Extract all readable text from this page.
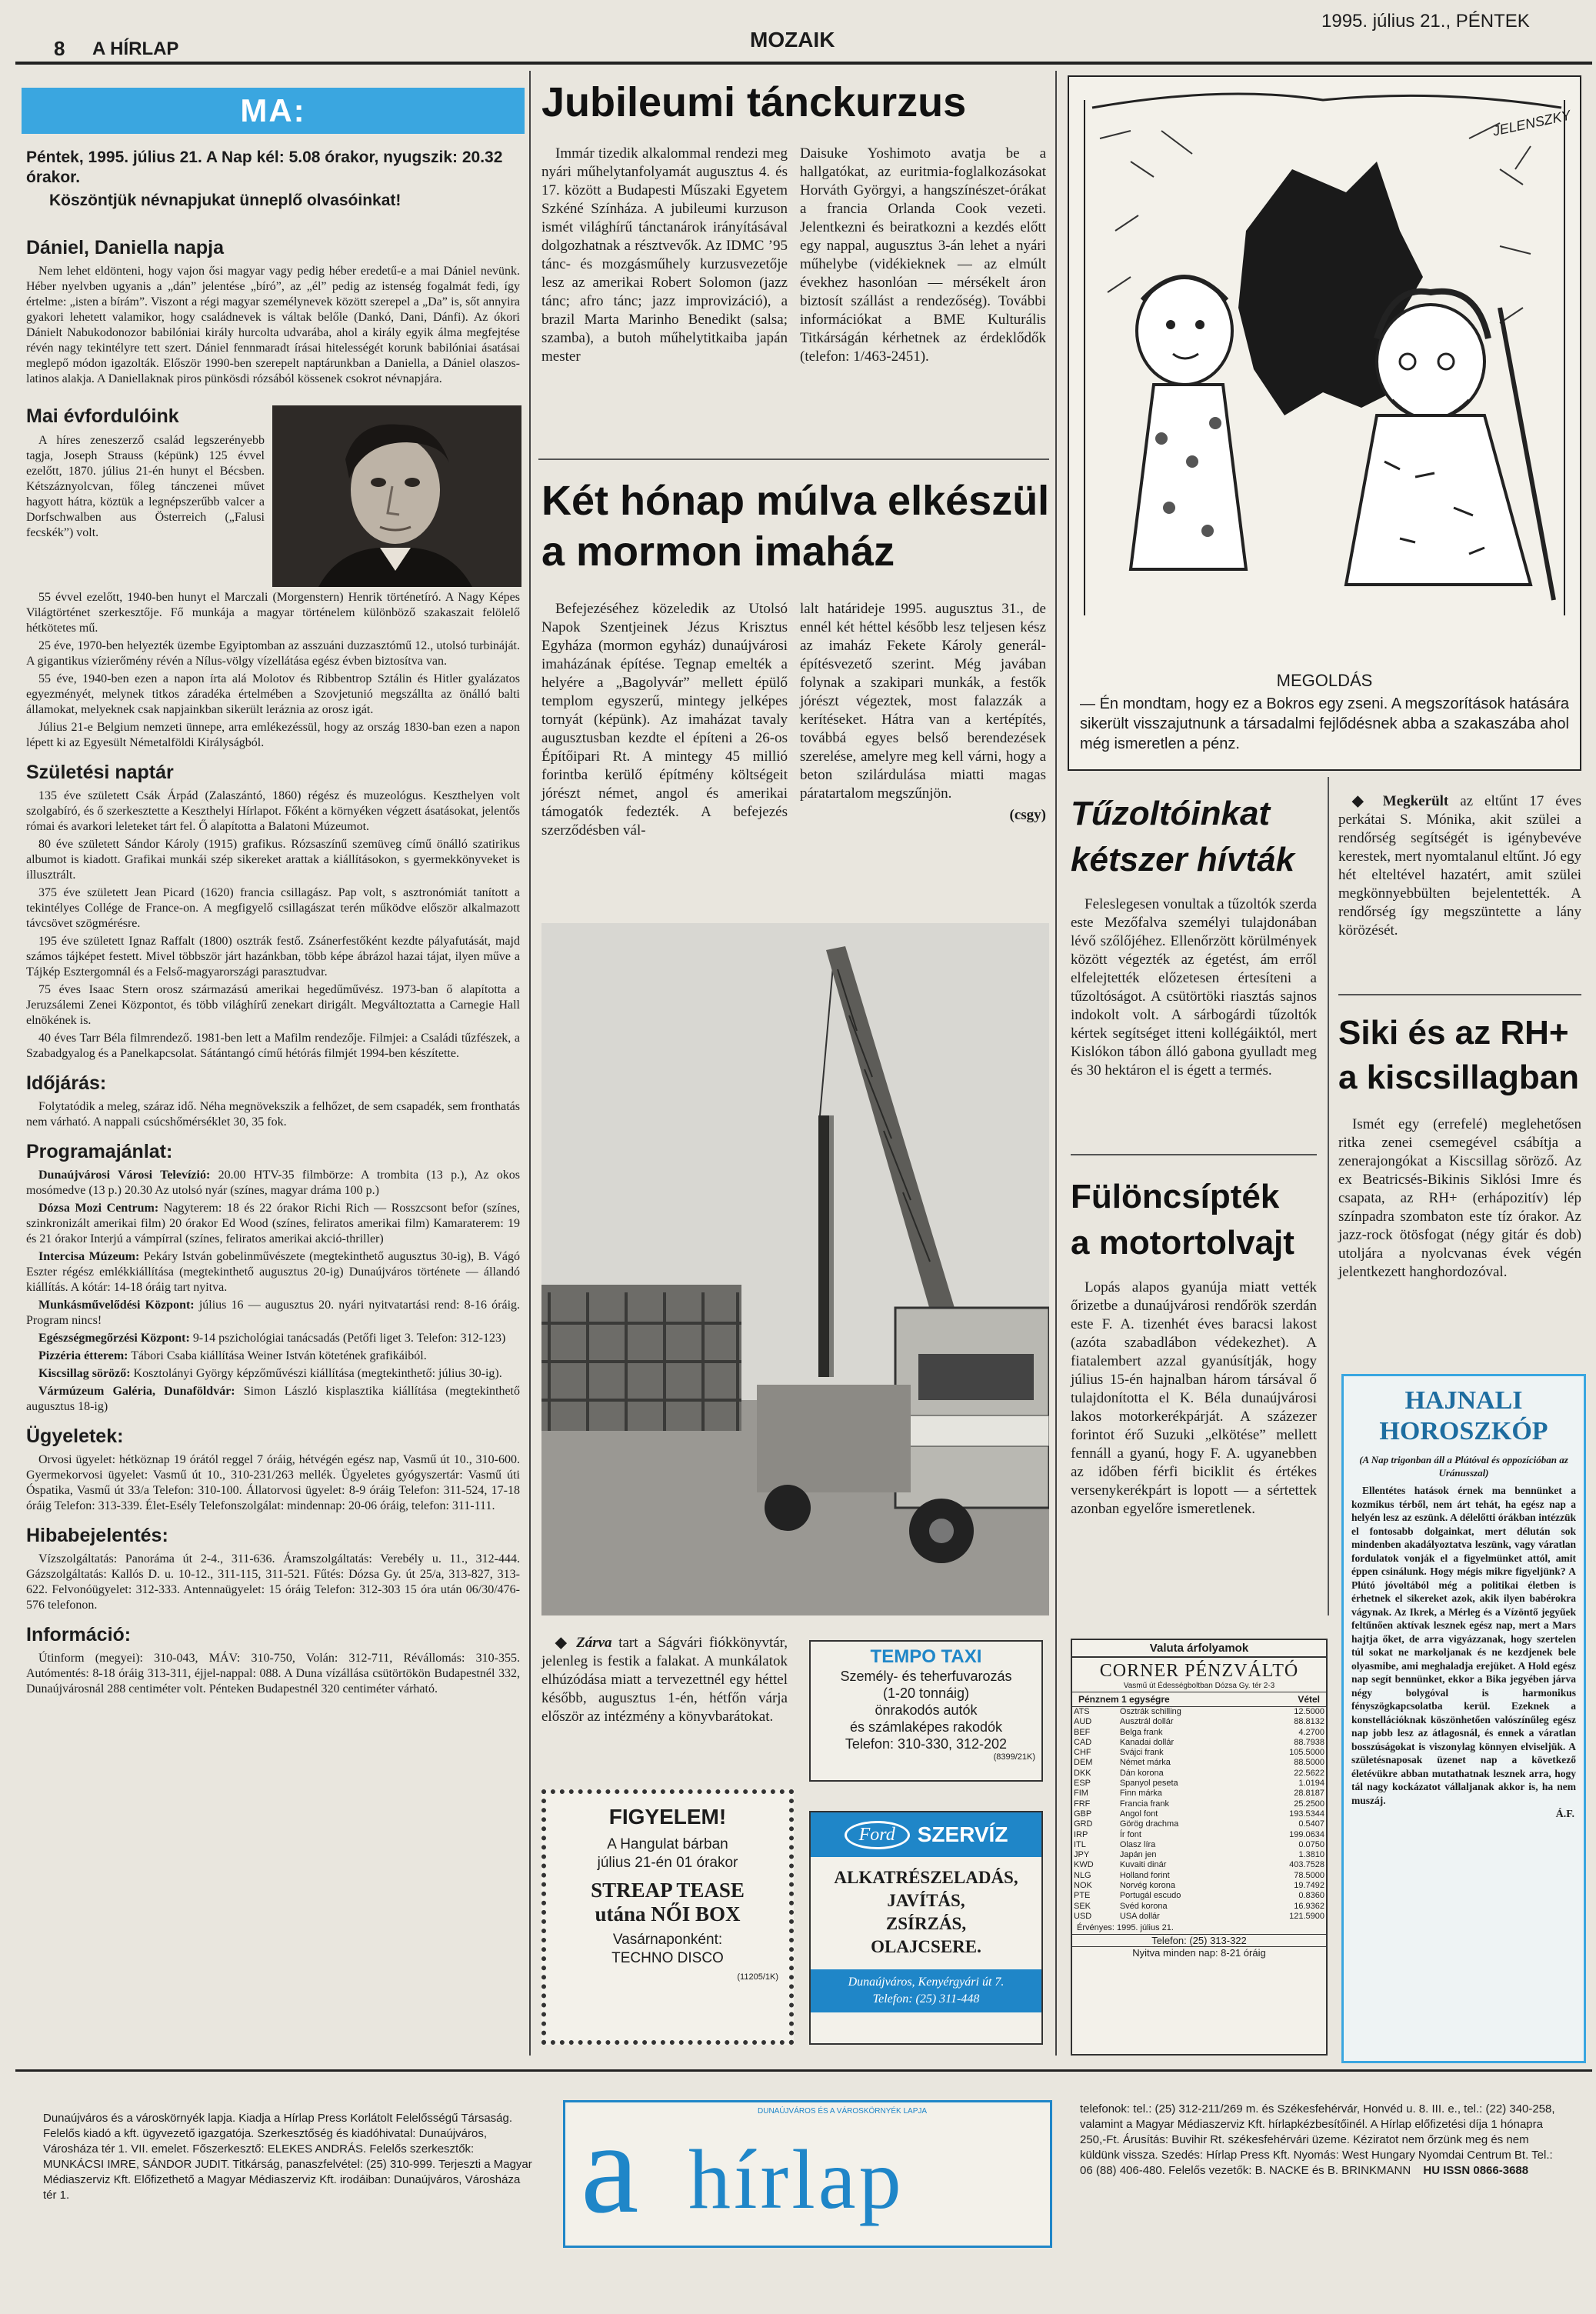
8 A HÍRLAP	MOZAIK
1995. július 21., PÉNTEK
MA:
Péntek, 1995. július 21. A Nap kél: 5.08 órakor, nyugszik: 20.32 órakor.
Köszöntjük névnapjukat ünneplő olvasóinkat!
Dániel, Daniella napja

Nem lehet eldönteni, hogy vajon ősi magyar vagy pedig héber eredetű-e a mai Dániel nevünk. Héber nyelvben ugyanis a „dán” jelentése „bíró”, az „él” pedig az istenség fogalmát fedi, így értelme: „isten a bírám”. Viszont a régi magyar személynevek között szerepel a „Da” is, sőt annyira gyakori lehetett valamikor, hogy családnevek is váltak belőle (Dankó, Dani, Dánfi). Az ókori Dánielt Nabukodonozor babilóniai király hurcolta udvarába, ahol a király egyik álma megfejtése révén nagy tekintélyre tett szert. Dániel fennmaradt írásai hitelességét korunk babilóniai ásatásai meglepő módon igazolták. Először 1990-ben szerepelt naptárunkban a Daniella, a Dániel olaszos-latinos alakja. A Daniellaknak piros pünkösdi rózsából kössenek csokrot névnapjára.

Mai évfordulóink

A híres zeneszerző család legszerényebb tagja, Joseph Strauss (képünk) 125 évvel ezelőtt, 1870. július 21-én hunyt el Bécsben. Kétszáznyolcvan, főleg tánczenei művet hagyott hátra, köztük a legnépszerűbb valcer a Dorfschwalben aus Österreich („Falusi fecskék”) volt.

55 évvel ezelőtt, 1940-ben hunyt el Marczali (Morgenstern) Henrik történetíró. A Nagy Képes Világtörténet szerkesztője. Fő munkája a magyar történelem különböző szakaszait felölelő hétkötetes mű.

25 éve, 1970-ben helyezték üzembe Egyiptomban az asszuáni duzzasztómű 12., utolsó turbináját. A gigantikus vízierőmény révén a Nílus-völgy vízellátása egész évben biztosítva van.

55 éve, 1940-ben ezen a napon írta alá Molotov és Ribbentrop Sztálin és Hitler gyalázatos egyezményét, melynek titkos záradéka értelmében a Szovjetunió megszállta az önálló balti államokat, melyeknek csak napjainkban sikerült leráznia az orosz igát.

Július 21-e Belgium nemzeti ünnepe, arra emlékezéssül, hogy az ország 1830-ban ezen a napon lépett ki az Egyesült Németalföldi Királyságból.

Születési naptár

135 éve született Csák Árpád (Zalaszántó, 1860) régész és muzeológus. Keszthelyen volt szolgabíró, és ő szerkesztette a Keszthelyi Hírlapot. Főként a környéken végzett ásatásokat, jelentős római és avarkori leleteket tárt fel. Ő alapította a Balatoni Múzeumot.

80 éve született Sándor Károly (1915) grafikus. Rózsaszínű szemüveg című önálló szatirikus albumot is kiadott. Grafikai munkái szép sikereket arattak a kiállításokon, s gyermekkönyveket is illusztrált.

375 éve született Jean Picard (1620) francia csillagász. Pap volt, s asztronómiát tanított a tekintélyes Collége de France-on. A megfigyelő csillagászat terén működve először alkalmazott távcsövet szögmérésre.

195 éve született Ignaz Raffalt (1800) osztrák festő. Zsánerfestőként kezdte pályafutását, majd számos tájképet festett. Mivel többször járt hazánkban, több képe ábrázol hazai tájat, ilyen műve a Tájkép Esztergomnál és a Felső-magyarországi parasztudvar.

75 éves Isaac Stern orosz származású amerikai hegedűművész. 1973-ban ő alapította a Jeruzsálemi Zenei Központot, és több világhírű zenekart dirigált. Megváltoztatta a Carnegie Hall elnökének is.

40 éves Tarr Béla filmrendező. 1981-ben lett a Mafilm rendezője. Filmjei: a Családi tűzfészek, a Szabadgyalog és a Panelkapcsolat. Sátántangó című hétórás filmjét 1994-ben készítette.

Időjárás:

Folytatódik a meleg, száraz idő. Néha megnövekszik a felhőzet, de sem csapadék, sem fronthatás nem várható. A nappali csúcshőmérséklet 30, 35 fok.

Programajánlat:

Dunaújvárosi Városi Televízió: 20.00 HTV-35 filmbörze: A trombita (13 p.), Az okos mosómedve (13 p.) 20.30 Az utolsó nyár (színes, magyar dráma 100 p.)

Dózsa Mozi Centrum: Nagyterem: 18 és 22 órakor Richi Rich — Rosszcsont befor (színes, szinkronizált amerikai film) 20 órakor Ed Wood (színes, feliratos amerikai film) Kamaraterem: 19 és 21 órakor Interjú a vámpírral (színes, feliratos amerikai akció-thriller)

Intercisa Múzeum: Pekáry István gobelinművészete (megtekinthető augusztus 30-ig), B. Vágó Eszter régész emlékkiállítása (megtekinthető augusztus 20-ig) Dunaújváros története — állandó kiállítás. A kótár: 14-18 óráig tart nyitva.

Munkásművelődési Központ: július 16 — augusztus 20. nyári nyitvatartási rend: 8-16 óráig. Program nincs!

Egészségmegőrzési Központ: 9-14 pszichológiai tanácsadás (Petőfi liget 3. Telefon: 312-123)

Pizzéria étterem: Tábori Csaba kiállítása Weiner István kötetének grafikáiból.

Kiscsillag söröző: Kosztolányi György képzőművészi kiállítása (megtekinthető: július 30-ig).

Vármúzeum Galéria, Dunaföldvár: Simon László kisplasztika kiállítása (megtekinthető augusztus 18-ig)

Ügyeletek:

Orvosi ügyelet: hétköznap 19 órától reggel 7 óráig, hétvégén egész nap, Vasmű út 10., 310-600. Gyermekorvosi ügyelet: Vasmű út 10., 310-231/263 mellék. Ügyeletes gyógyszertár: Vasmű úti Óspatika, Vasmű út 33/a Telefon: 310-100. Állatorvosi ügyelet: 8-9 óráig Telefon: 311-524, 17-18 óráig Telefon: 313-339. Élet-Esély Telefonszolgálat: mindennap: 20-06 óráig, telefon: 311-111.

Hibabejelentés:

Vízszolgáltatás: Panoráma út 2-4., 311-636. Áramszolgáltatás: Verebély u. 11., 312-444. Gázszolgáltatás: Kallós D. u. 10-12., 311-115, 311-521. Fűtés: Dózsa Gy. út 25/a, 313-827, 313-622. Felvonóügyelet: 312-333. Antennaügyelet: 15 óráig Telefon: 312-303 15 óra után 06/30/476-576 telefonon.

Információ:

Útinform (megyei): 310-043, MÁV: 310-750, Volán: 312-711, Révállomás: 310-355. Autómentés: 8-18 óráig 313-311, éjjel-nappal: 088. A Duna vízállása csütörtökön Budapestnél 332, Dunaújvárosnál 288 centiméter volt. Pénteken Budapestnél 320 centiméter várható.

Jubileumi tánckurzus

Immár tizedik alkalommal rendezi meg nyári műhelytanfolyamát augusztus 4. és 17. között a Budapesti Műszaki Egyetem Szkéné Színháza. A jubileumi kurzuson ismét világhírű tánctanárok irányításával dolgozhatnak a résztvevők. Az IDMC ’95 tánc- és mozgásműhely kurzusvezetője lesz az amerikai Robert Solomon (jazz tánc; afro tánc; jazz improvizáció), a brazil Marta Marinho Benedikt (salsa; szamba), a butoh műhelytitkaiba japán mester

Daisuke Yoshimoto avatja be a hallgatókat, az euritmia-foglalkozásokat Horváth Györgyi, a hangszínészet-órákat a francia Orlanda Cook vezeti. Jelentkezni és beiratkozni a kezdés előtt egy nappal, augusztus 3-án lehet a nyári műhelybe (vidékieknek — az elmúlt évekhez hasonlóan — mérsékelt áron biztosít szállást a rendezőség). További információkat a BME Kulturális Titkárságán kérhetnek az érdeklődők (telefon: 1/463-2451).

Két hónap múlva elkészül
a mormon imaház

Befejezéséhez közeledik az Utolsó Napok Szentjeinek Jézus Krisztus Egyháza (mormon egyház) dunaújvárosi imaházának építése. Tegnap emelték a helyére a „Bagolyvár” mellett épülő templom egyszerű, mintegy jelképes tornyát (képünk). Az imaházat tavaly augusztusban kezdte el építeni a 26-os Építőipari Rt. A mintegy 45 millió forintba kerülő építmény költségeit jórészt német, angol és amerikai támogatók fedezték. A befejezés szerződésben vál-

lalt határideje 1995. augusztus 31., de ennél két héttel később lesz teljesen kész az imaház Fekete Károly generál-építésvezető szerint. Még javában folynak a szakipari munkák, a festők jórészt végeztek, most falazzák a kerítéseket. Hátra van a kertépítés, továbbá egyes belső berendezések szerelése, amelyre meg kell várni, hogy a beton szilárdulása miatti magas páratartalom megszűnjön.

(csgy)

◆ Zárva tart a Ságvári fiókkönyvtár, jelenleg is festik a falakat. A munkálatok elhúzódása miatt a tervezettnél egy héttel később, augusztus 1-én, hétfőn várja először az intézmény a könyvbarátokat.

TEMPO TAXI
Személy- és teherfuvarozás
(1-20 tonnáig)
önrakodós autók
és számlaképes rakodók
Telefon: 310-330, 312-202
(8399/21K)
FIGYELEM!
A Hangulat bárban
július 21-én 01 órakor
STREAP TEASE
utána NŐI BOX
Vasárnaponként:
TECHNO DISCO
(11205/1K)
Ford	SZERVÍZ
ALKATRÉSZELADÁS,
JAVÍTÁS,
ZSÍRZÁS,
OLAJCSERE.
Dunaújváros, Kenyérgyári út 7.
Telefon: (25) 311-448
JELENSZKY
MEGOLDÁS
— Én mondtam, hogy ez a Bokros egy zseni. A megszorítások hatására sikerült visszajutnunk a társadalmi fejlődésnek abba a szakaszába ahol még ismeretlen a pénz.
Tűzoltóinkat
kétszer hívták

Feleslegesen vonultak a tűzoltók szerda este Mezőfalva személyi tulajdonában lévő szőlőjéhez. Ellenőrzött körülmények között végezték az égetést, ám erről elfelejtették előzetesen értesíteni a tűzoltóságot. A csütörtöki riasztás sajnos indokolt volt. A sárbogárdi tűzoltók kértek segítséget itteni kollégáiktól, mert Kislókon tábon álló gabona gyulladt meg és 30 hektáron el is égett a termés.

Fülöncsípték
a motortolvajt

Lopás alapos gyanúja miatt vették őrizetbe a dunaújvárosi rendőrök szerdán este F. A. tizenhét éves baracsi lakost (azóta szabadlábon védekezhet). A fiatalembert azzal gyanúsítják, hogy július 15-én hajnalban három társával ő tulajdonította el K. Béla dunaújvárosi lakos motorkerékpárját. A százezer forintot érő Suzuki „elkötése” mellett fennáll a gyanú, hogy F. A. ugyanebben az időben férfi biciklit és értékes versenykerékpárt is lopott — a sértettek azonban egyelőre ismeretlenek.

◆ Megkerült az eltűnt 17 éves perkátai S. Mónika, akit szülei a rendőrség segítségét is igénybevéve kerestek, mert nyomtalanul eltűnt. Jó egy hét elteltével hazatért, amit szülei megkönnyebbülten bejelentették. A rendőrség így megszüntette a lány körözését.

Siki és az RH+
a kiscsillagban

Ismét egy (errefelé) meglehetősen ritka zenei csemegével csábítja a zenerajongókat a Kiscsillag söröző. Az ex Beatricsés-Bikinis Siklósi Imre és csapata, az RH+ (erhápozitív) lép színpadra szombaton este tíz órakor. Az jazz-rock ötösfogat (négy gitár és dob) utoljára a nyolcvanas évek végén jelentkezett hanghordozóval.

HAJNALI
HOROSZKÓP
(A Nap trigonban áll a Plútóval és oppozícióban az Uránusszal)
Ellentétes hatások érnek ma bennünket a kozmikus térből, nem árt tehát, ha egész nap a helyén lesz az eszünk. A délelőtti órákban intézzük el fontosabb dolgainkat, mert délután sok mindenben akadályoztatva leszünk, vagy váratlan fordulatok vonják el a figyelmünket attól, amit éppen csinálunk. Hogy mégis mikre figyeljünk? A Plútó jóvoltából még a politikai életben is érhetnek el sikereket azok, akik ilyen babérokra vágynak. Az Ikrek, a Mérleg és a Vízöntő jegyűek feltűnően aktívak lesznek egész nap, mert a Mars hajtja őket, de arra vigyázzanak, hogy szertelen túl sokat ne markoljanak és ne kezdjenek bele olyasmibe, ami meghaladja erejüket. A Hold egész nap segít bennünket, ekkor a Bika jegyében járva négy bolygóval is harmonikus fényszögkapcsolatba kerül. Ezeknek a konstellációknak köszönhetően valószínűleg egész nap jobb lesz az átlagosnál, és ennek a váratlan bosszúságokat is viszonylag könnyen elviseljük. A születésnaposak üzenet nap a következő életévükre abban mutathatnak lesznek arra, hogy tál nagy kockázatot vállaljanak akkor is, ha nem muszáj.
Á.F.
Valuta árfolyamok
CORNER PÉNZVÁLTÓ
Vasmű út Édességboltban Dózsa Gy. tér 2-3
Pénznem 1 egységre	Vétel
ATS	Osztrák schilling	12.5000
AUD	Ausztrál dollár	88.8132
BEF	Belga frank	4.2700
CAD	Kanadai dollár	88.7938
CHF	Svájci frank	105.5000
DEM	Német márka	88.5000
DKK	Dán korona	22.5622
ESP	Spanyol peseta	1.0194
FIM	Finn márka	28.8187
FRF	Francia frank	25.2500
GBP	Angol font	193.5344
GRD	Görög drachma	0.5407
IRP	Ír font	199.0634
ITL	Olasz líra	0.0750
JPY	Japán jen	1.3810
KWD	Kuvaiti dinár	403.7528
NLG	Holland forint	78.5000
NOK	Norvég korona	19.7492
PTE	Portugál escudo	0.8360
SEK	Svéd korona	16.9362
USD	USA dollár	121.5900
Érvényes: 1995. július 21.
Telefon: (25) 313-322
Nyitva minden nap: 8-21 óráig
Dunaújváros és a városkörnyék lapja. Kiadja a Hírlap Press Korlátolt Felelősségű Társaság. Felelős kiadó a kft. ügyvezető igazgatója. Szerkesztőség és kiadóhivatal: Dunaújváros, Városháza tér 1. VII. emelet. Főszerkesztő: ELEKES ANDRÁS. Felelős szerkesztők: MUNKÁCSI IMRE, SÁNDOR JUDIT. Titkárság, panaszfelvétel: (25) 310-999. Terjeszti a Magyar Médiaszerviz Kft. Előfizethető a Magyar Médiaszerviz Kft. irodáiban: Dunaújváros, Városháza tér 1.
DUNAÚJVÁROS ÉS A VÁROSKÖRNYÉK LAPJA
a hírlap
telefonok: tel.: (25) 312-211/269 m. és Székesfehérvár, Honvéd u. 8. III. e., tel.: (22) 340-258, valamint a Magyar Médiaszerviz Kft. hírlapkézbesítőinél. A Hírlap előfizetési díja 1 hónapra 250,-Ft. Árusítás: Buvihir Rt. székesfehérvári üzeme. Kéziratot nem őrzünk meg és nem küldünk vissza. Szedés: Hírlap Press Kft. Nyomás: West Hungary Nyomdai Centrum Bt. Tel.: 06 (88) 406-480. Felelős vezetők: B. NACKE és B. BRINKMANN HU ISSN 0866-3688
